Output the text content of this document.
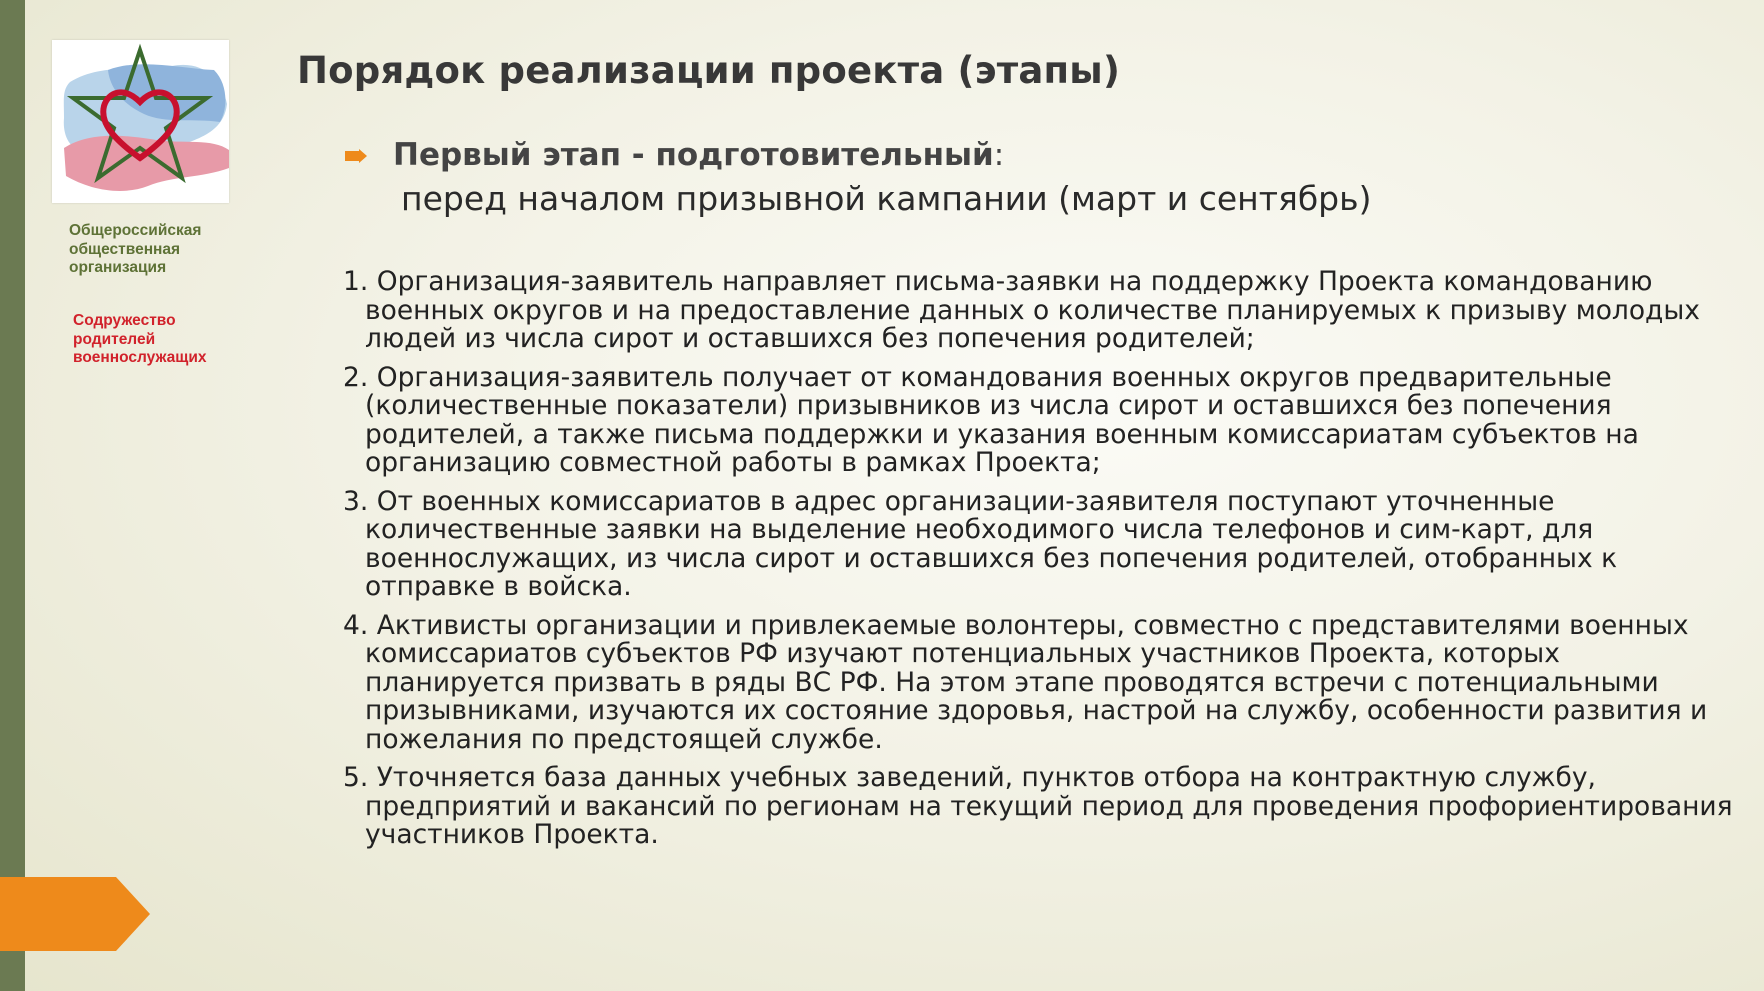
Общероссийская общественная организация
Содружество родителей военнослужащих
Порядок реализации проекта (этапы)
Первый этап - подготовительный:
перед началом призывной кампании (март и сентябрь)
1. Организация-заявитель направляет письма-заявки на поддержку Проекта командованию военных округов и на предоставление данных о количестве планируемых к призыву молодых людей из числа сирот и оставшихся без попечения родителей;
2. Организация-заявитель получает от командования военных округов предварительные (количественные показатели) призывников из числа сирот и оставшихся без попечения родителей, а также письма поддержки и указания военным комиссариатам субъектов на организацию совместной работы в рамках Проекта;
3. От военных комиссариатов в адрес организации-заявителя поступают уточненные количественные заявки на выделение необходимого числа телефонов и сим-карт, для военнослужащих, из числа сирот и оставшихся без попечения родителей, отобранных к отправке в войска.
4. Активисты организации и привлекаемые волонтеры, совместно с представителями военных комиссариатов субъектов РФ изучают потенциальных участников Проекта, которых планируется призвать в ряды ВС РФ. На этом этапе проводятся встречи с потенциальными призывниками, изучаются их состояние здоровья, настрой на службу, особенности развития и пожелания по предстоящей службе.
5. Уточняется база данных учебных заведений, пунктов отбора на контрактную службу, предприятий и вакансий по регионам на текущий период для проведения профориентирования участников Проекта.
